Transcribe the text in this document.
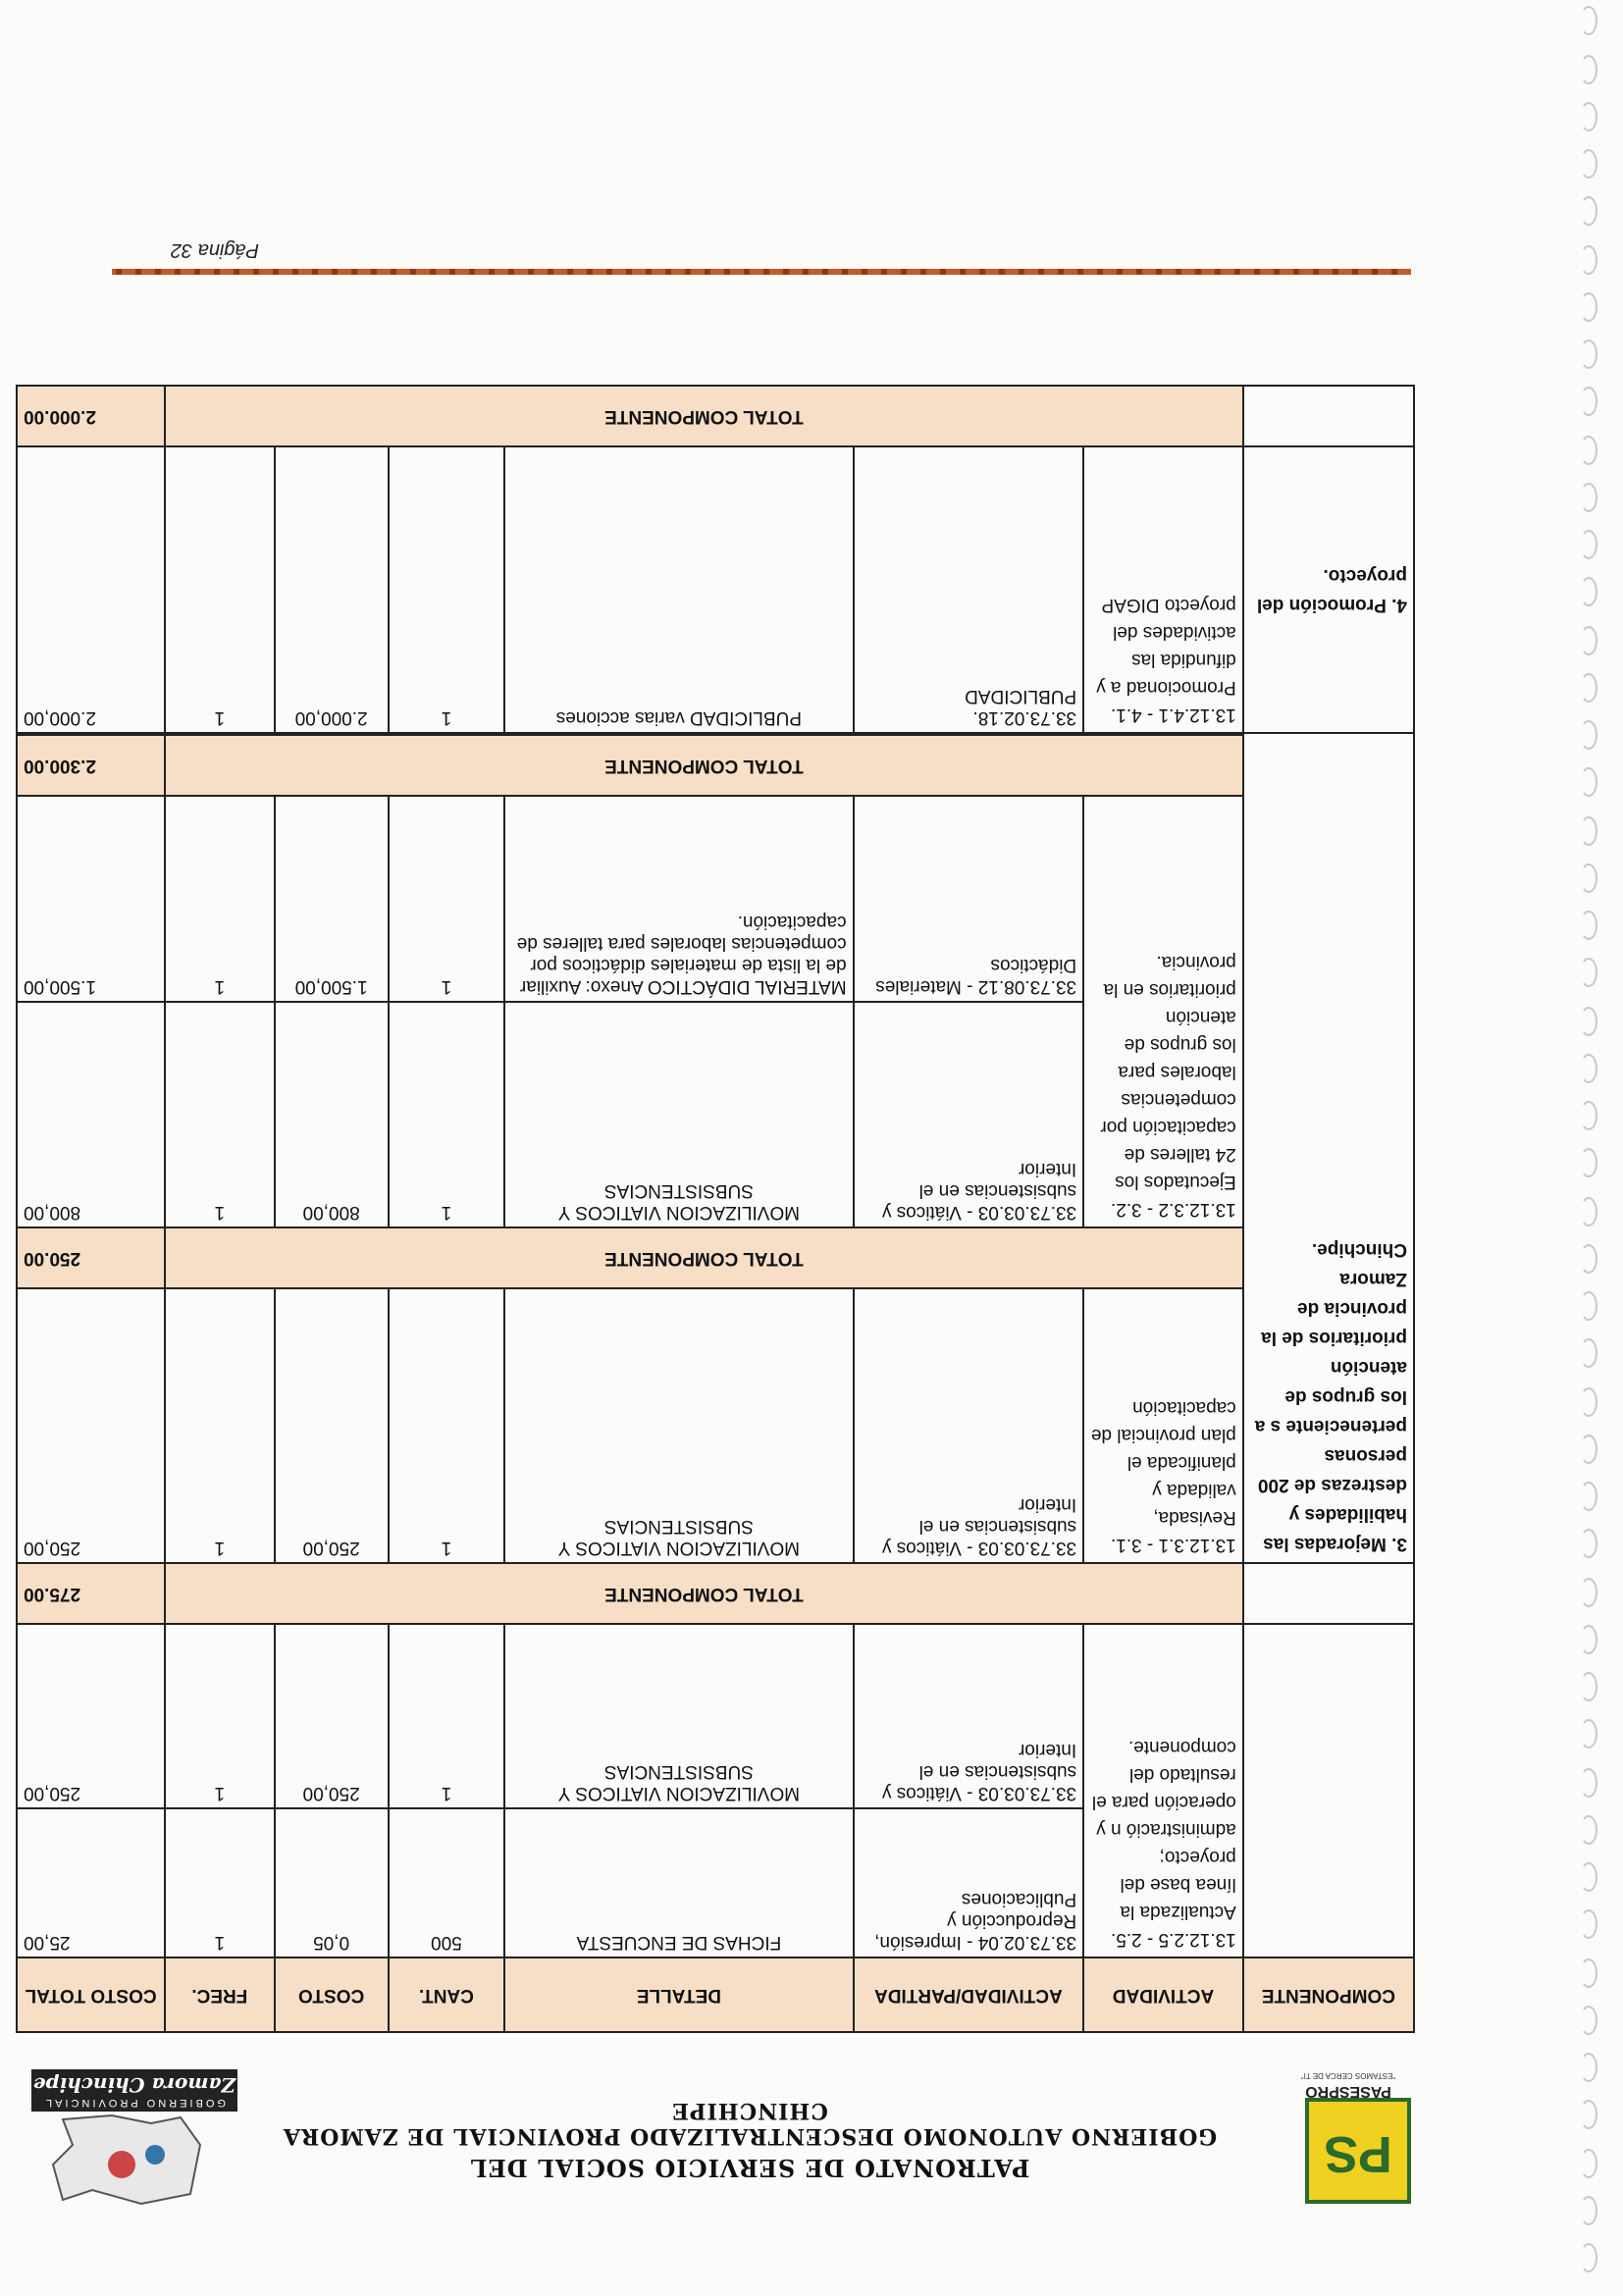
PS
PASESPRO
"ESTAMOS CERCA DE TI"
PATRONATO DE SERVICIO SOCIAL DEL
GOBIERNO AUTONOMO DESCENTRALIZADO PROVINCIAL DE ZAMORA CHINCHIPE
GOBIERNO PROVINCIAL
Zamora Chinchipe
COMPONENTE	ACTIVIDAD	ACTIVIDAD/PARTIDA	DETALLE	CANT.	COSTO	FREC.	COSTO TOTAL
	13.12.2.5 - 2.5. Actualizada la línea base del proyecto; administració n y operación para el resultado del componente.	33.73.02.04 - Impresión, Reproducción y Publicaciones	FICHAS DE ENCUESTA	500	0,05	1	25,00
		33.73.03.03 - Viáticos y subsistencias en el Interior	MOVILIZACION VIATICOS Y SUBSISTENCIAS	1	250,00	1	250,00
	TOTAL COMPONENTE						275.00
3. Mejoradas las habilidades y destrezas de 200 personas perteneciente s a los grupos de atención prioritarios de la provincia de Zamora Chinchipe.	13.12.3.1 - 3.1. Revisada, validada y planificada el plan provincial de capacitación	33.73.03.03 - Viáticos y subsistencias en el Interior	MOVILIZACION VIATICOS Y SUBSISTENCIAS	1	250,00	1	250,00
	TOTAL COMPONENTE						250.00
	13.12.3.2 - 3.2. Ejecutados los 24 talleres de capacitación por competencias laborales para los grupos de atención prioritarios en la provincia.	33.73.03.03 - Viáticos y subsistencias en el Interior	MOVILIZACION VIATICOS Y SUBSISTENCIAS	1	800,00	1	800,00
		33.73.08.12 - Materiales Didácticos	MATERIAL DIDÁCTICO Anexo: Auxiliar de la lista de materiales didácticos por competencias laborales para talleres de capacitación.	1	1.500,00	1	1.500,00
	TOTAL COMPONENTE						2.300.00

4. Promoción del proyecto.	13.12.4.1 - 4.1. Promocionad a y difundida las actividades del proyecto DIGAP	33.73.02.18. PUBLICIDAD	PUBLICIDAD varias acciones	1	2.000,00	1	2.000,00
	TOTAL COMPONENTE						2.000.00
Página 32
